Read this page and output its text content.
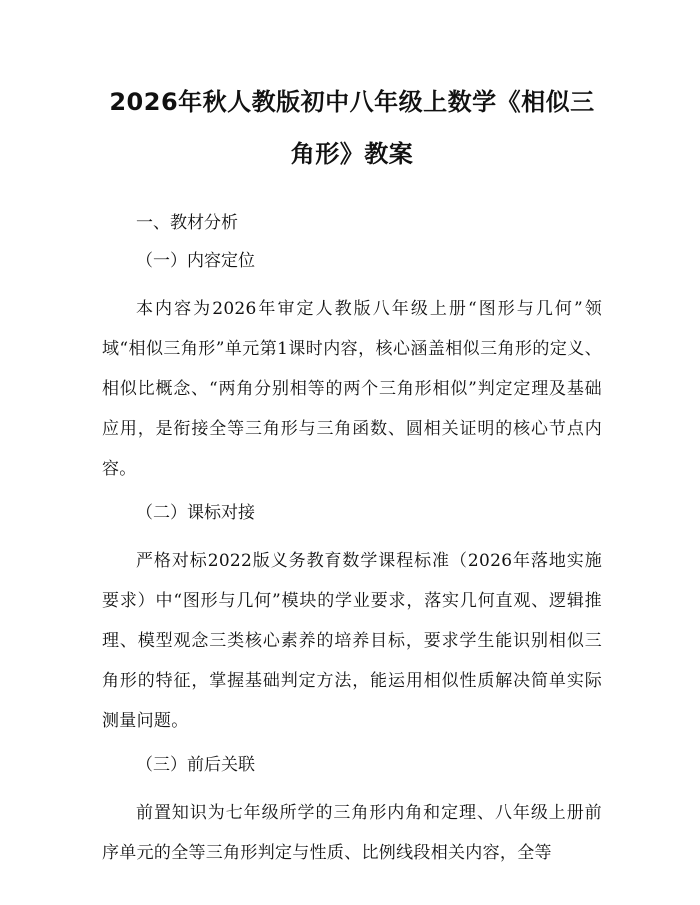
2026年秋人教版初中八年级上数学《相似三角形》教案
一、教材分析
（一）内容定位

本内容为2026年审定人教版八年级上册“图形与几何”领域“相似三角形”单元第1课时内容，核心涵盖相似三角形的定义、相似比概念、“两角分别相等的两个三角形相似”判定定理及基础应用，是衔接全等三角形与三角函数、圆相关证明的核心节点内容。

（二）课标对接

严格对标2022版义务教育数学课程标准（2026年落地实施要求）中“图形与几何”模块的学业要求，落实几何直观、逻辑推理、模型观念三类核心素养的培养目标，要求学生能识别相似三角形的特征，掌握基础判定方法，能运用相似性质解决简单实际测量问题。

（三）前后关联

前置知识为七年级所学的三角形内角和定理、八年级上册前序单元的全等三角形判定与性质、比例线段相关内容，全等
